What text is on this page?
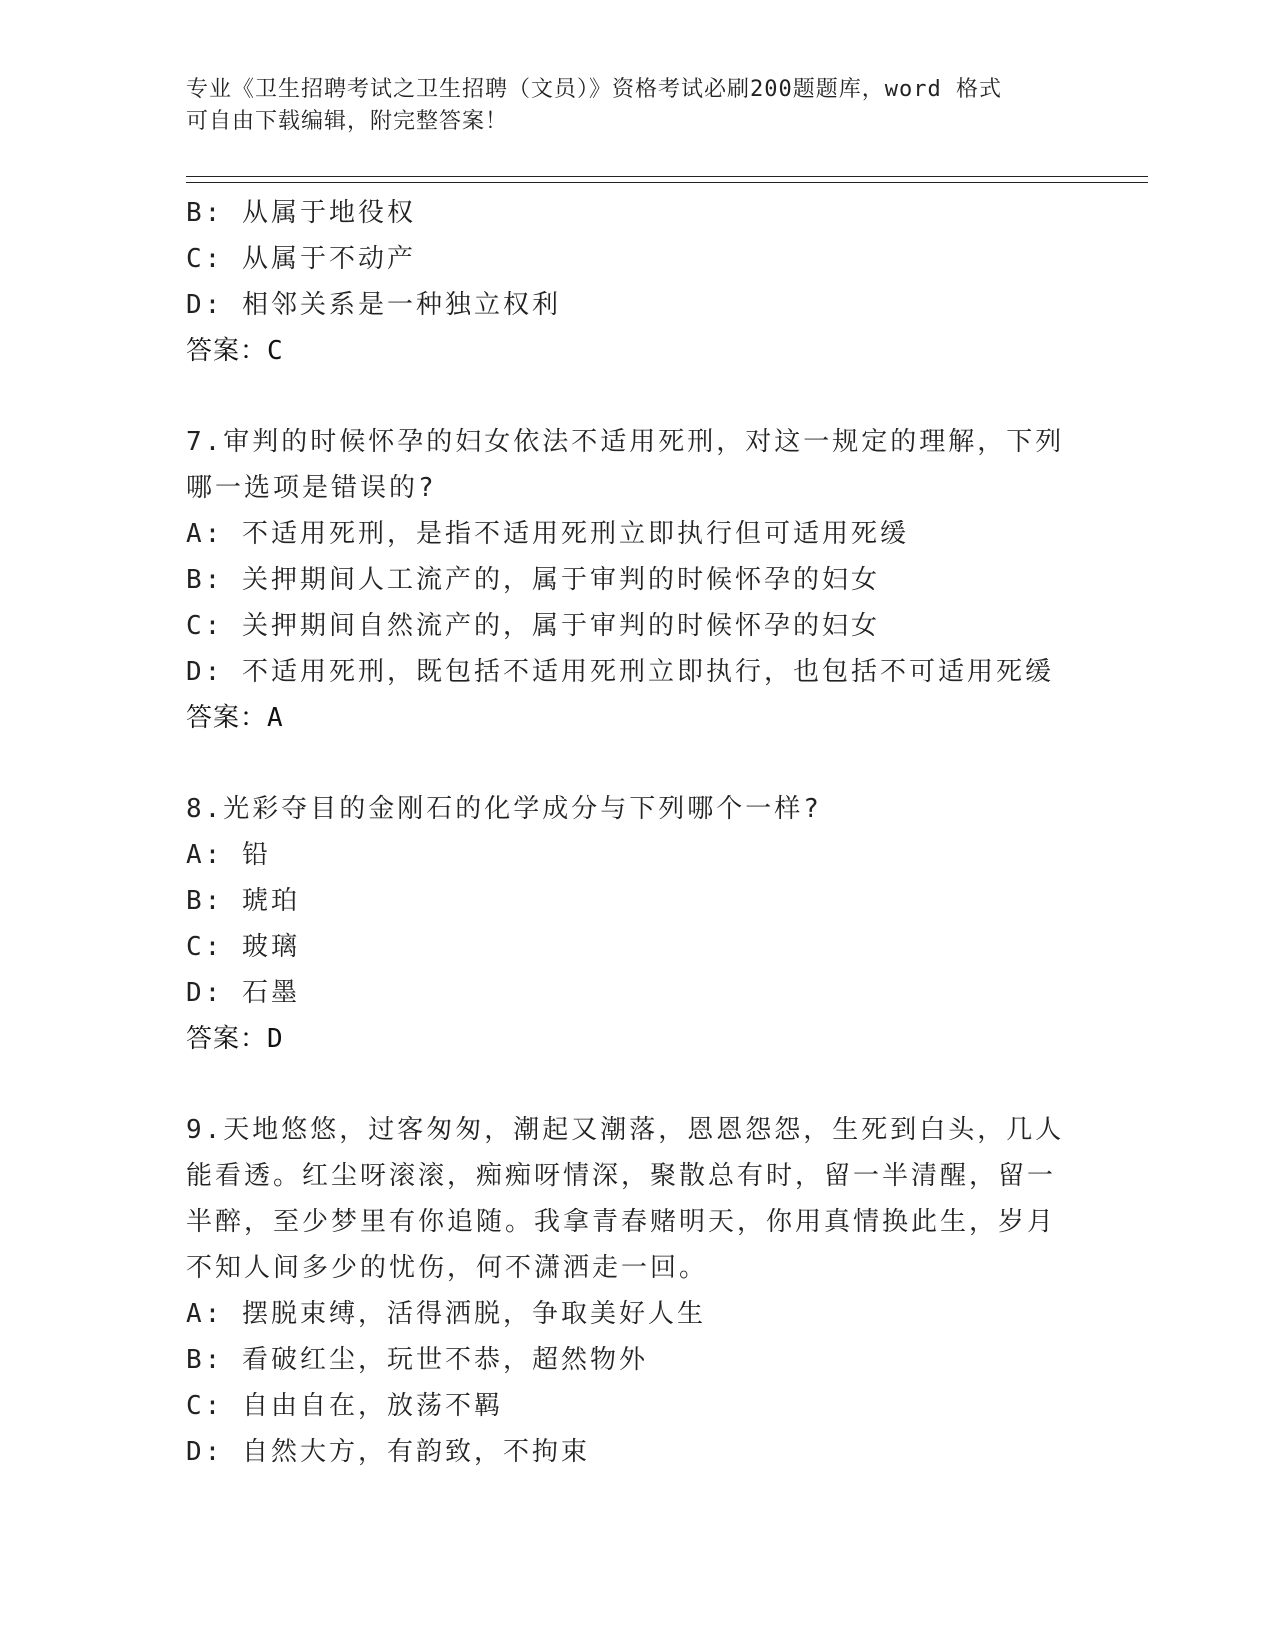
专业《卫生招聘考试之卫生招聘（文员）》资格考试必刷200题题库，word 格式
可自由下载编辑，附完整答案！
B: 从属于地役权
C: 从属于不动产
D: 相邻关系是一种独立权利
答案：C
7.审判的时候怀孕的妇女依法不适用死刑，对这一规定的理解，下列
哪一选项是错误的?
A: 不适用死刑，是指不适用死刑立即执行但可适用死缓
B: 关押期间人工流产的，属于审判的时候怀孕的妇女
C: 关押期间自然流产的，属于审判的时候怀孕的妇女
D: 不适用死刑，既包括不适用死刑立即执行，也包括不可适用死缓
答案：A
8.光彩夺目的金刚石的化学成分与下列哪个一样?
A: 铅
B: 琥珀
C: 玻璃
D: 石墨
答案：D
9.天地悠悠，过客匆匆，潮起又潮落，恩恩怨怨，生死到白头，几人
能看透。红尘呀滚滚，痴痴呀情深，聚散总有时，留一半清醒，留一
半醉，至少梦里有你追随。我拿青春赌明天，你用真情换此生，岁月
不知人间多少的忧伤，何不潇洒走一回。
A: 摆脱束缚，活得洒脱，争取美好人生
B: 看破红尘，玩世不恭，超然物外
C: 自由自在，放荡不羁
D: 自然大方，有韵致，不拘束
